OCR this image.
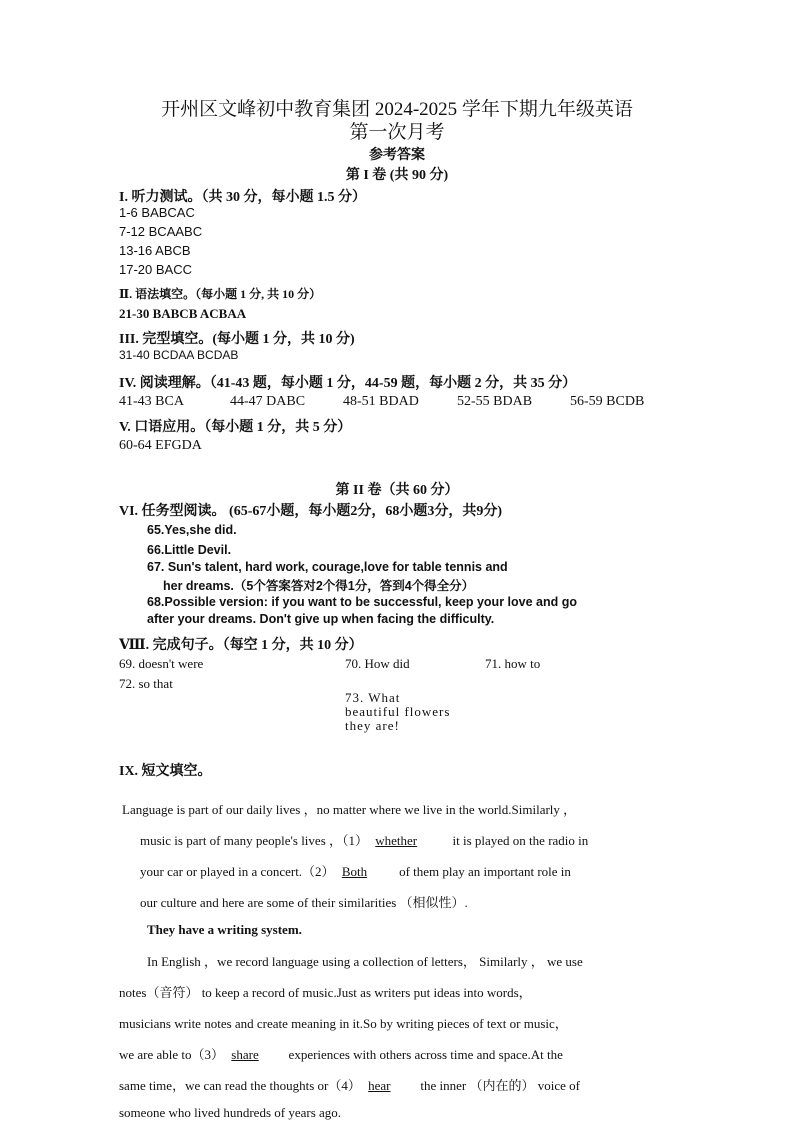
开州区文峰初中教育集团 2024-2025 学年下期九年级英语
第一次月考
参考答案
第 I 卷 (共 90 分)
I. 听力测试。（共 30 分，每小题 1.5 分）
1-6 BABCAC
7-12 BCAABC
13-16 ABCB
17-20 BACC
Ⅱ. 语法填空。（每小题 1 分, 共 10 分）
21-30 BABCB ACBAA
III. 完型填空。(每小题 1 分，共 10 分)
31-40 BCDAA BCDAB
IV. 阅读理解。（41-43 题，每小题 1 分，44-59 题，每小题 2 分，共 35 分）
41-43 BCA	44-47 DABC	48-51 BDAD	52-55 BDAB	56-59 BCDB
V. 口语应用。（每小题 1 分，共 5 分）
60-64 EFGDA
第 II 卷（共 60 分）
VI. 任务型阅读。 (65-67小题，每小题2分，68小题3分，共9分)
65.Yes,she did.
66.Little Devil.
67. Sun's talent, hard work, courage,love for table tennis and
her dreams.（5个答案答对2个得1分，答到4个得全分）
68.Possible version: if you want to be successful, keep your love and go
after your dreams. Don't give up when facing the difficulty.
Ⅷ. 完成句子。（每空 1 分，共 10 分）
69. doesn't were	70. How did	71. how to
72. so that
73. What
beautiful flowers
they are!
IX. 短文填空。
Language is part of our daily lives ，no matter where we live in the world.Similarly ，
music is part of many people's lives ，（1） whether	it is played on the radio in
your car or played in a concert.（2） Both of them play an important role in
our culture and here are some of their similarities （相似性）.
They have a writing system.
In English ，we record language using a collection of letters， Similarly ， we use
notes（音符） to keep a record of music.Just as writers put ideas into words，
musicians write notes and create meaning in it.So by writing pieces of text or music，
we are able to（3） share experiences with others across time and space.At the
same time，we can read the thoughts or（4） hear the inner （内在的） voice of
someone who lived hundreds of years ago.
